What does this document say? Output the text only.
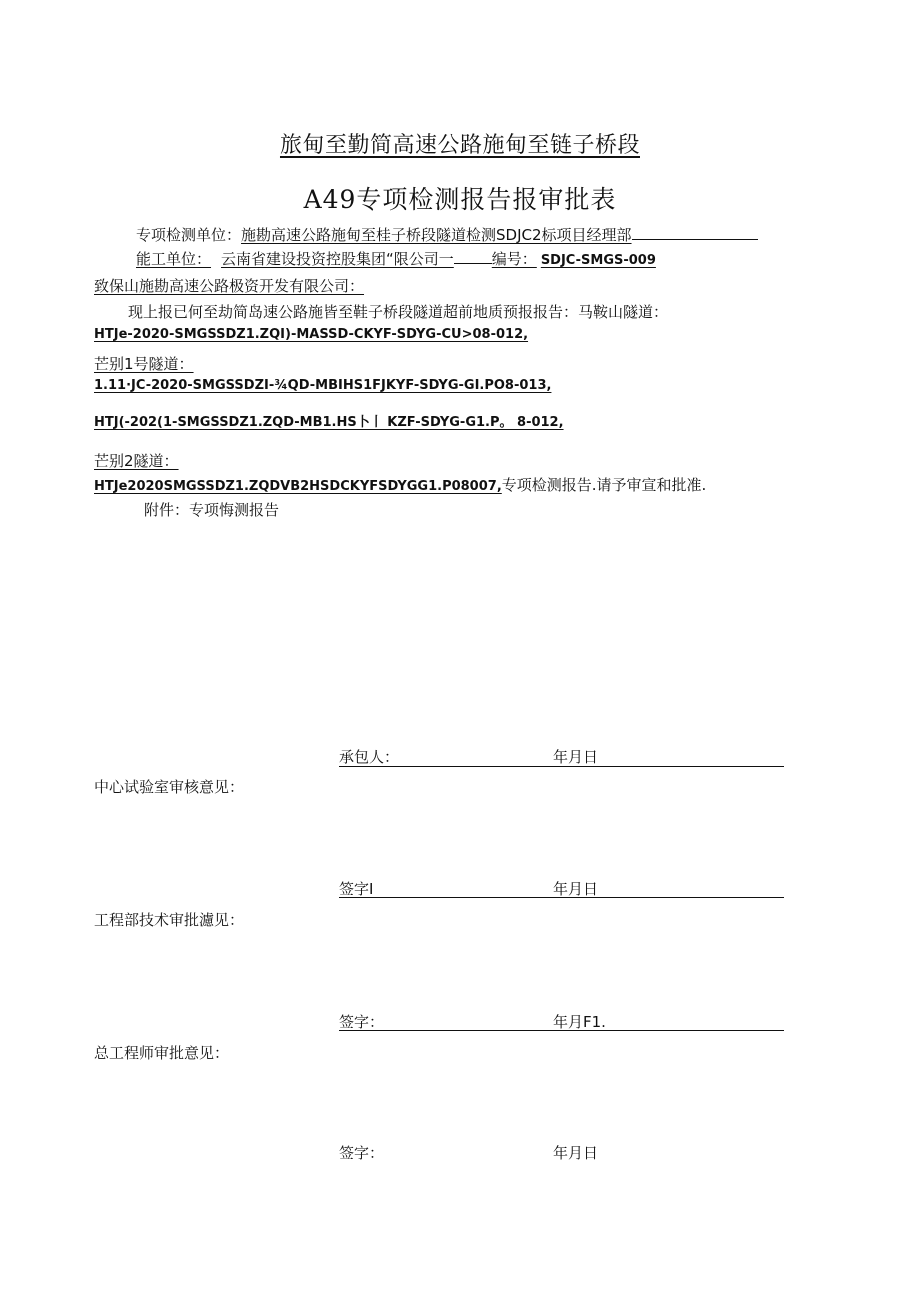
旅甸至勤简高速公路施甸至链子桥段
A49专项检测报告报审批表
专项检测单位：施勘高速公路施甸至桂子桥段隧道检测SDJC2标项目经理部
能工单位： 云南省建设投资控股集团“限公司一	编号： SDJC-SMGS-009
致保山施勘高速公路极资开发有限公司：
现上报已何至劫简岛速公路施皆至鞋子桥段隧道超前地质预报报告：马鞍山隧道：
HTJe-2020-SMGSSDZ1.ZQI)-MASSD-CKYF-SDYG-CU>08-012,
芒别1号隧道：
1.11·JC-2020-SMGSSDZI-¾QD-MBIHS1FJKYF-SDYG-GI.PO8-013,
HTJ(-202(1-SMGSSDZ1.ZQD-MB1.HS卜丨 KZF-SDYG-G1.P。 8-012,
芒别2隧道：
HTJe2020SMGSSDZ1.ZQDVB2HSDCKYFSDYGG1.P08007,专项检测报告.请予审宣和批准.
附件：专项悔测报告
承包人：	年月日
中心试验室审核意见：
签字I	年月日
工程部技术审批濾见：
签字：	年月F1.
总工程师审批意见：
签字：	年月日
